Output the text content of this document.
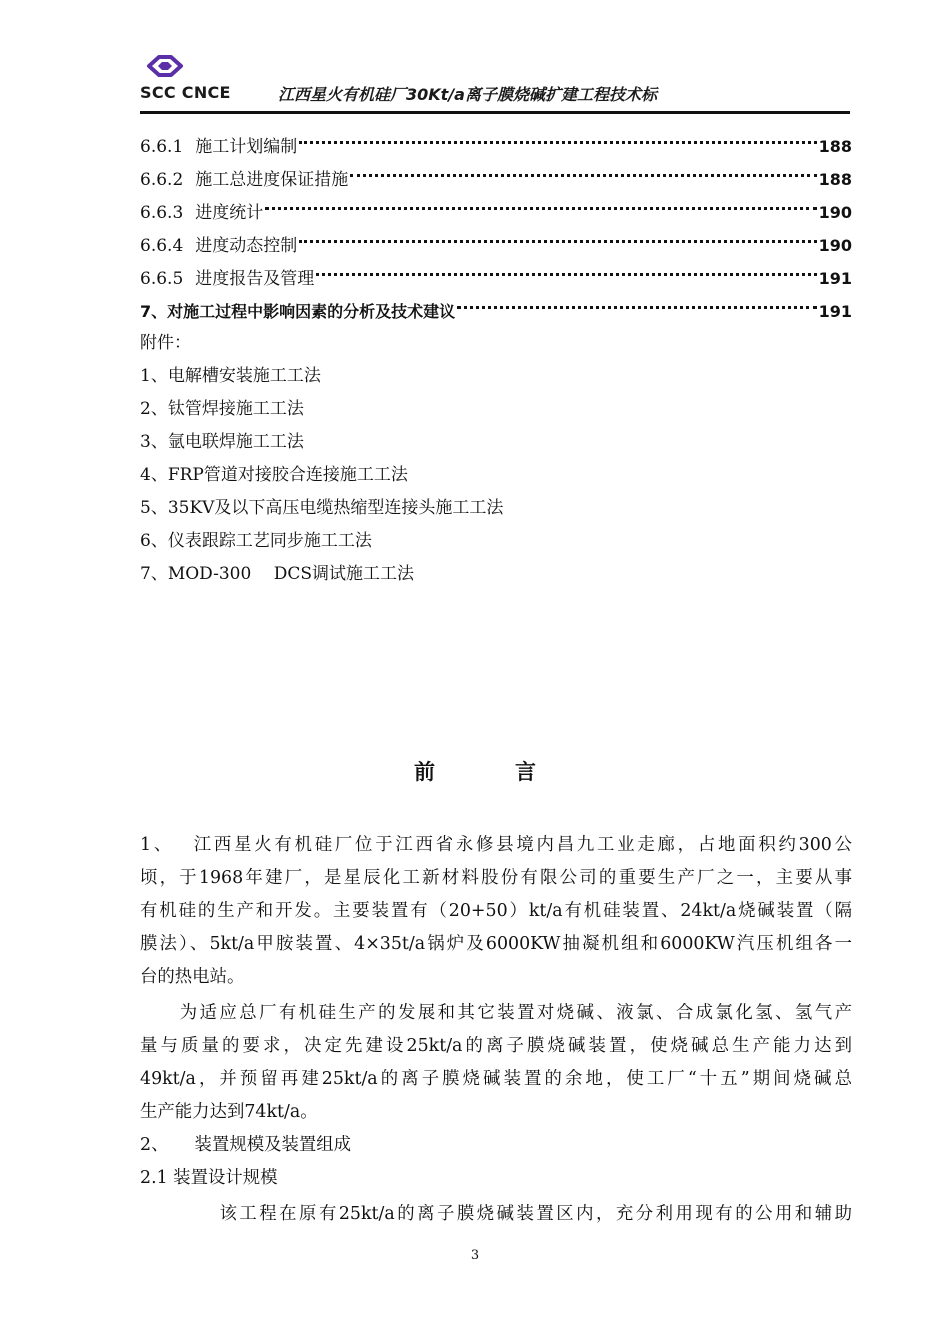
SCC CNCE	江西星火有机硅厂30Kt/a离子膜烧碱扩建工程技术标
6.6.1 施工计划编制	188
6.6.2 施工总进度保证措施	188
6.6.3 进度统计	190
6.6.4 进度动态控制	190
6.6.5 进度报告及管理	191
7、对施工过程中影响因素的分析及技术建议	191
附件：
1、电解槽安装施工工法
2、钛管焊接施工工法
3、氩电联焊施工工法
4、FRP管道对接胶合连接施工工法
5、35KV及以下高压电缆热缩型连接头施工工法
6、仪表跟踪工艺同步施工工法
7、MOD-300　 DCS调试施工工法
前言
1、　 江西星火有机硅厂位于江西省永修县境内昌九工业走廊，占地面积约300公
顷，于1968年建厂，是星辰化工新材料股份有限公司的重要生产厂之一，主要从事
有机硅的生产和开发。主要装置有（20+50）kt/a有机硅装置、24kt/a烧碱装置（隔
膜法）、5kt/a甲胺装置、4×35t/a锅炉及6000KW抽凝机组和6000KW汽压机组各一
台的热电站。
　　为适应总厂有机硅生产的发展和其它装置对烧碱、液氯、合成氯化氢、氢气产
量与质量的要求，决定先建设25kt/a的离子膜烧碱装置，使烧碱总生产能力达到
49kt/a，并预留再建25kt/a的离子膜烧碱装置的余地，使工厂“十五”期间烧碱总
生产能力达到74kt/a。
2、　　装置规模及装置组成
2.1 装置设计规模
　　　　该工程在原有25kt/a的离子膜烧碱装置区内，充分利用现有的公用和辅助
3
